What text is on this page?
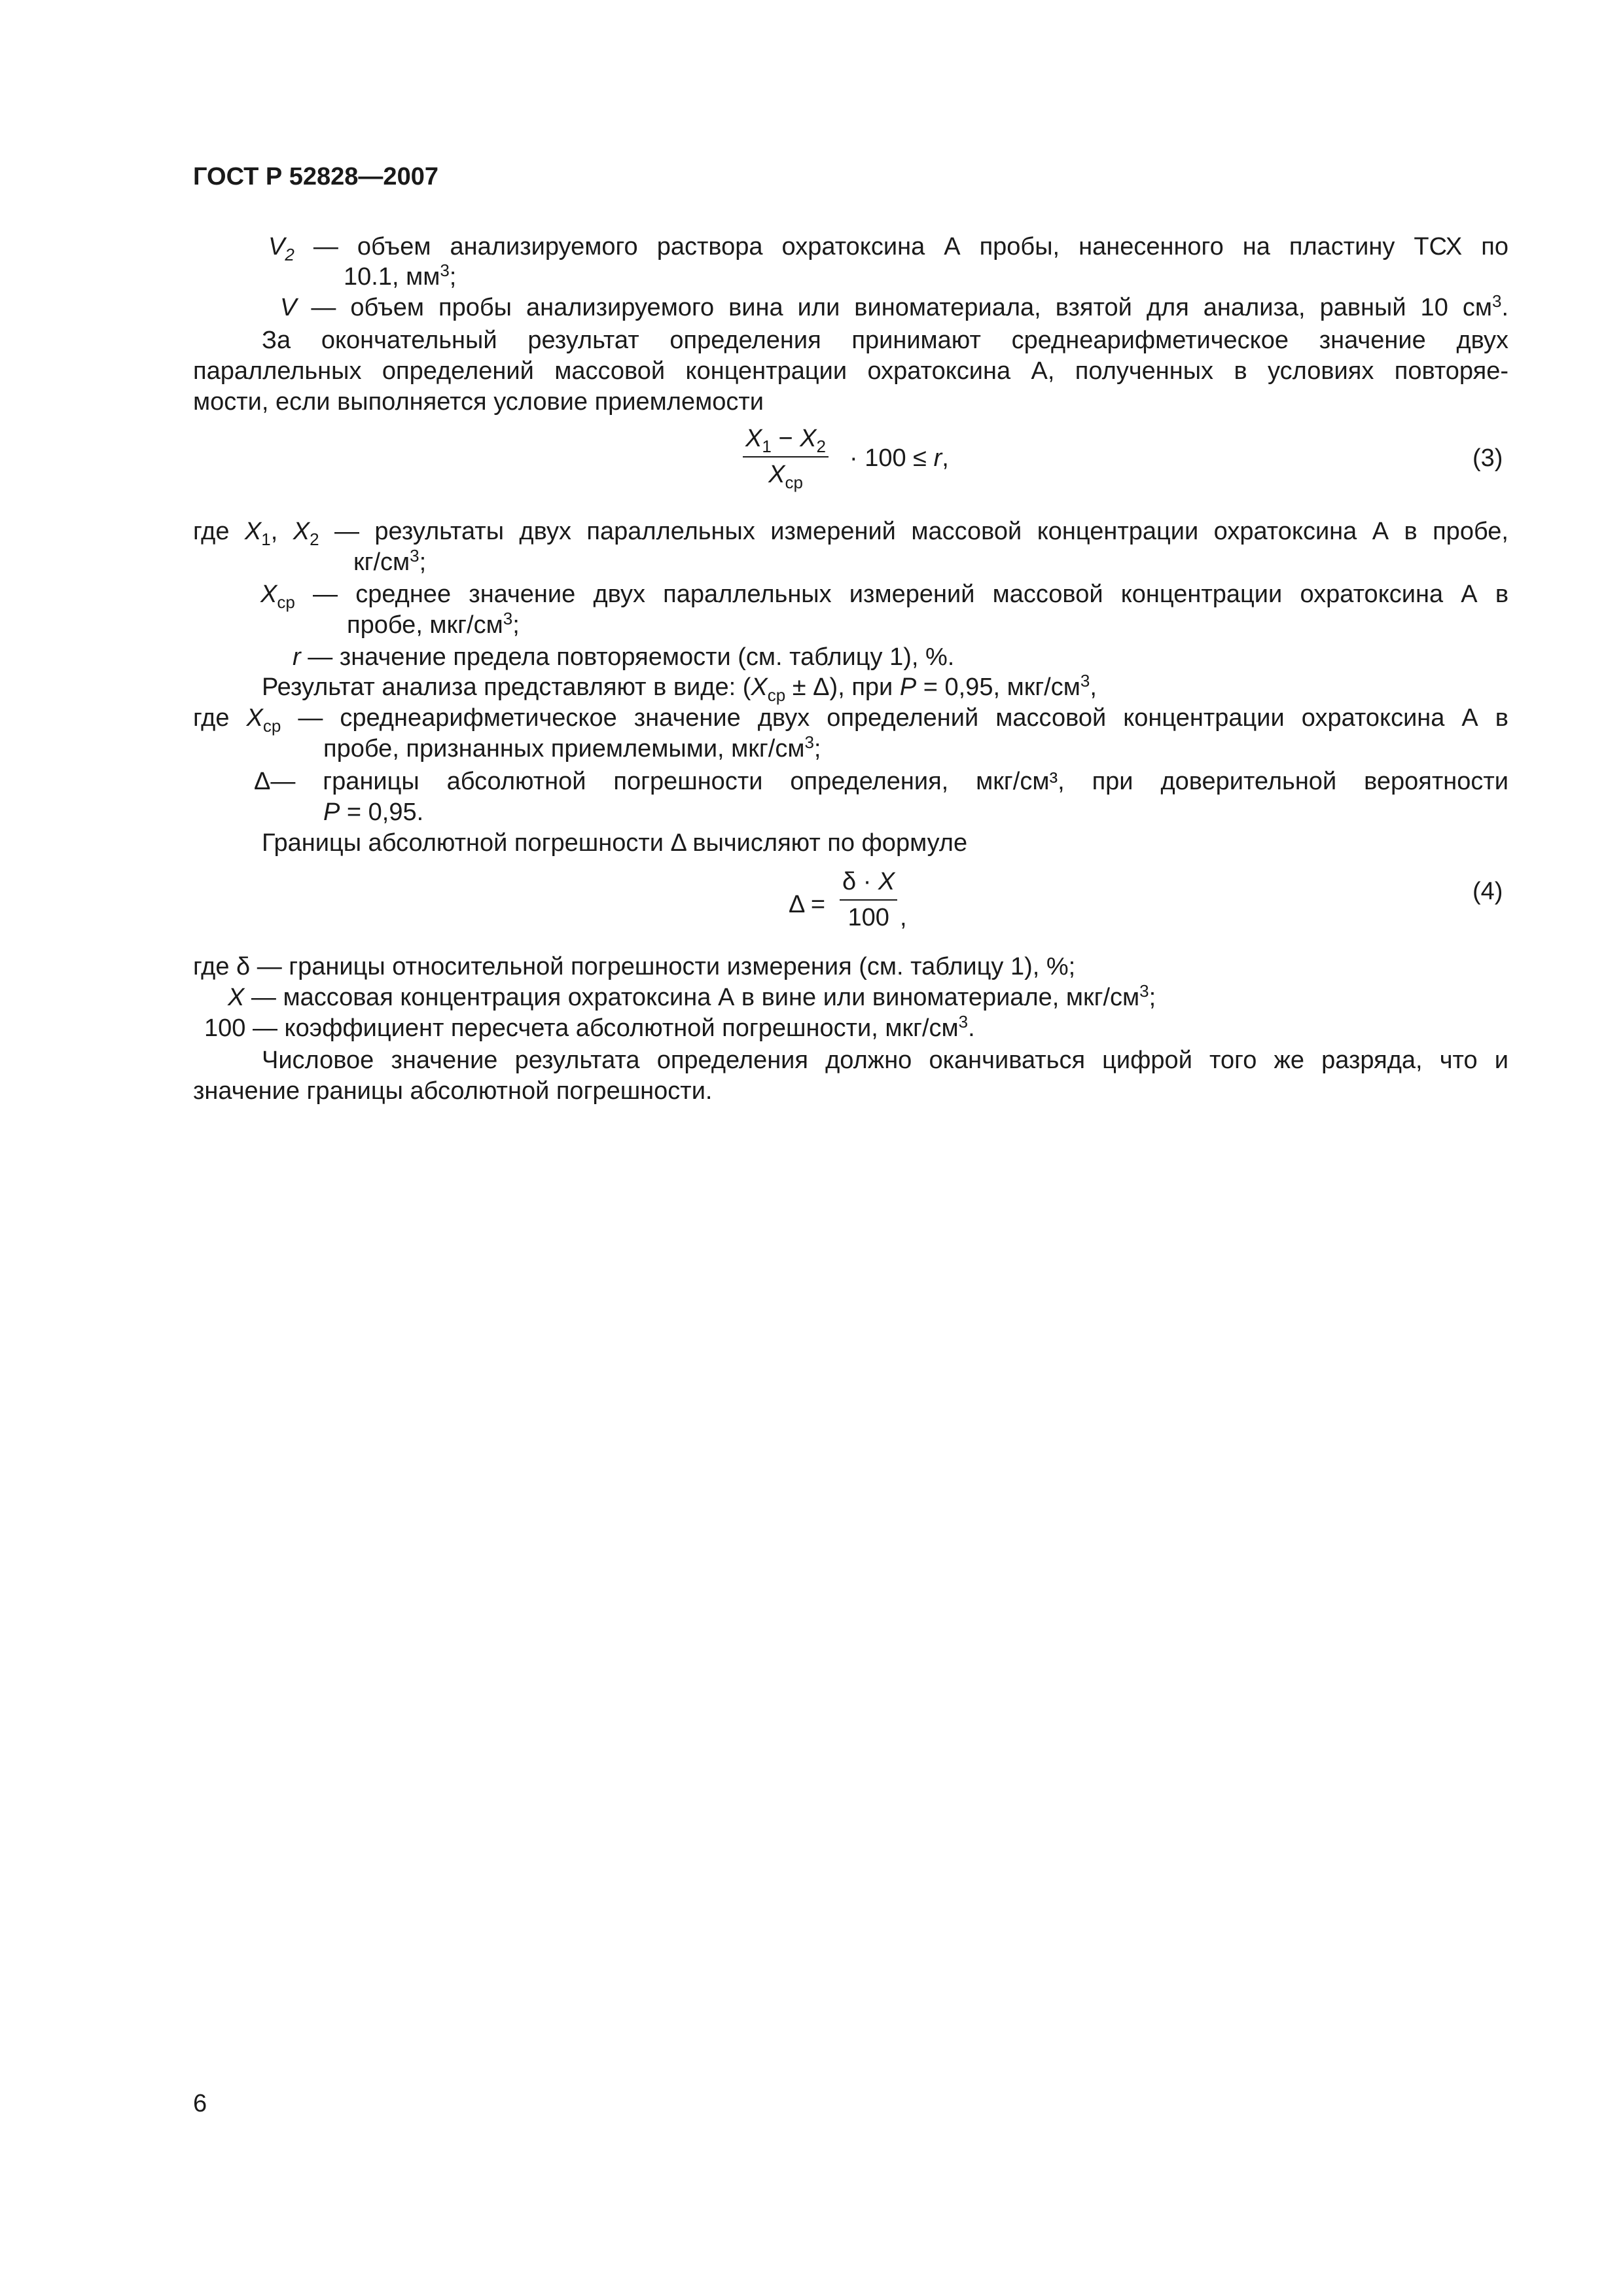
ГОСТ Р 52828—2007
$V_2$ — объем анализируемого раствора охратоксина А пробы, нанесенного на пластину ТСХ по
10.1, $мм^3$;
V — объем пробы анализируемого вина или виноматериала, взятой для анализа, равный 10 $см^3$.
За окончательный результат определения принимают среднеарифметическое значение двух
параллельных определений массовой концентрации охратоксина А, полученных в условиях повторяе-
мости, если выполняется условие приемлемости
$X_1 - X_2$
$X_{ср}$
· 100 ≤ r,	(3)
где $X_1$, $X_2$ — результаты двух параллельных измерений массовой концентрации охратоксина А в пробе,
$кг/см^3$;
$X_{ср}$ — среднее значение двух параллельных измерений массовой концентрации охратоксина А в
пробе, мкг/$см^3$;
r — значение предела повторяемости (см. таблицу 1), %.
Результат анализа представляют в виде: $(X_{ср} \pm \Delta)$, при P = 0,95, мкг/$см^3$,
где $X_{ср}$ — среднеарифметическое значение двух определений массовой концентрации охратоксина А в
пробе, признанных приемлемыми, мкг/$см^3$;
Δ— границы абсолютной погрешности определения, мкг/см³, при доверительной вероятности
P = 0,95.
Границы абсолютной погрешности Δ вычисляют по формуле
Δ =
δ · X
100 ,
(4)
где δ — границы относительной погрешности измерения (см. таблицу 1), %;
X — массовая концентрация охратоксина А в вине или виноматериале, мкг/$см^3$;
100 — коэффициент пересчета абсолютной погрешности, мкг/$см^3$.
Числовое значение результата определения должно оканчиваться цифрой того же разряда, что и
значение границы абсолютной погрешности.
6
